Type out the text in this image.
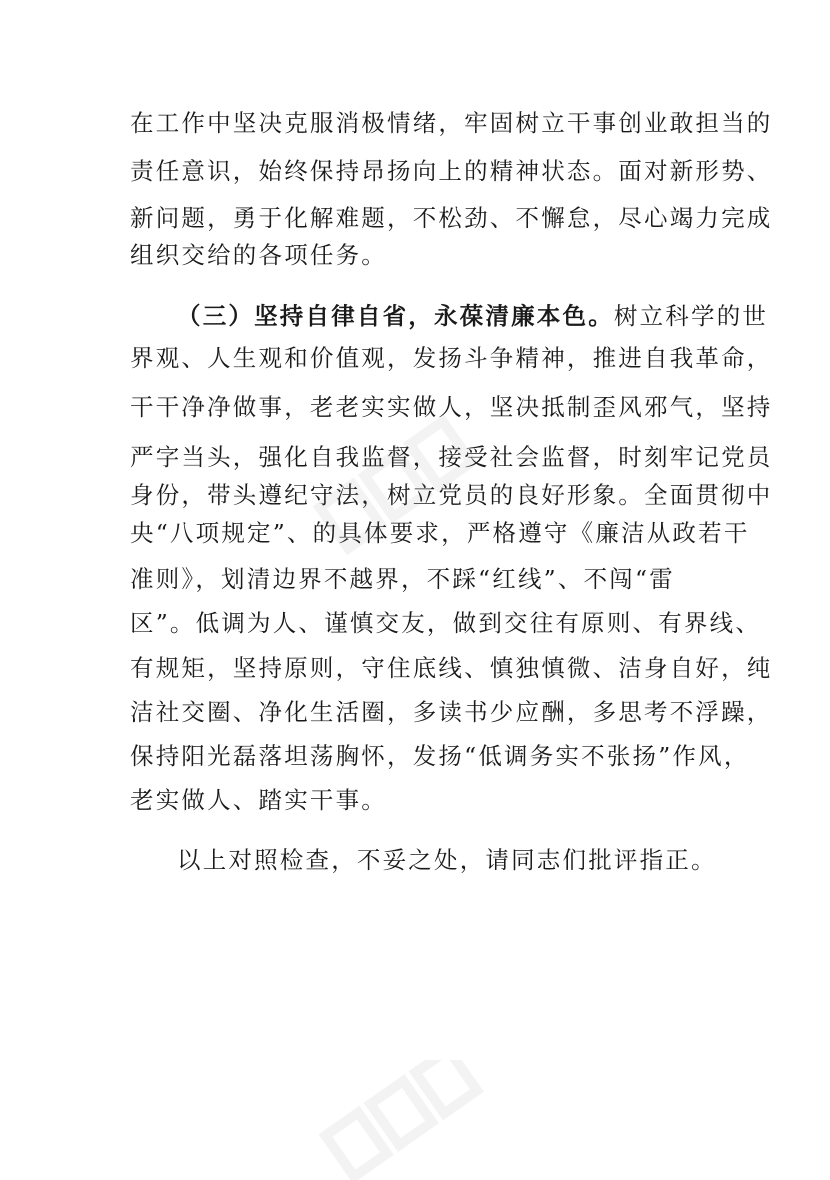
在工作中坚决克服消极情绪，牢固树立干事创业敢担当的
责任意识，始终保持昂扬向上的精神状态。面对新形势、
新问题，勇于化解难题，不松劲、不懈怠，尽心竭力完成
组织交给的各项任务。
（三）坚持自律自省，永葆清廉本色。树立科学的世
界观、人生观和价值观，发扬斗争精神，推进自我革命，
干干净净做事，老老实实做人，坚决抵制歪风邪气，坚持
严字当头，强化自我监督，接受社会监督，时刻牢记党员
身份，带头遵纪守法，树立党员的良好形象。全面贯彻中
央“八项规定”、的具体要求，严格遵守《廉洁从政若干
准则》，划清边界不越界，不踩“红线”、不闯“雷
区”。低调为人、谨慎交友，做到交往有原则、有界线、
有规矩，坚持原则，守住底线、慎独慎微、洁身自好，纯
洁社交圈、净化生活圈，多读书少应酬，多思考不浮躁，
保持阳光磊落坦荡胸怀，发扬“低调务实不张扬”作风，
老实做人、踏实干事。
以上对照检查，不妥之处，请同志们批评指正。
